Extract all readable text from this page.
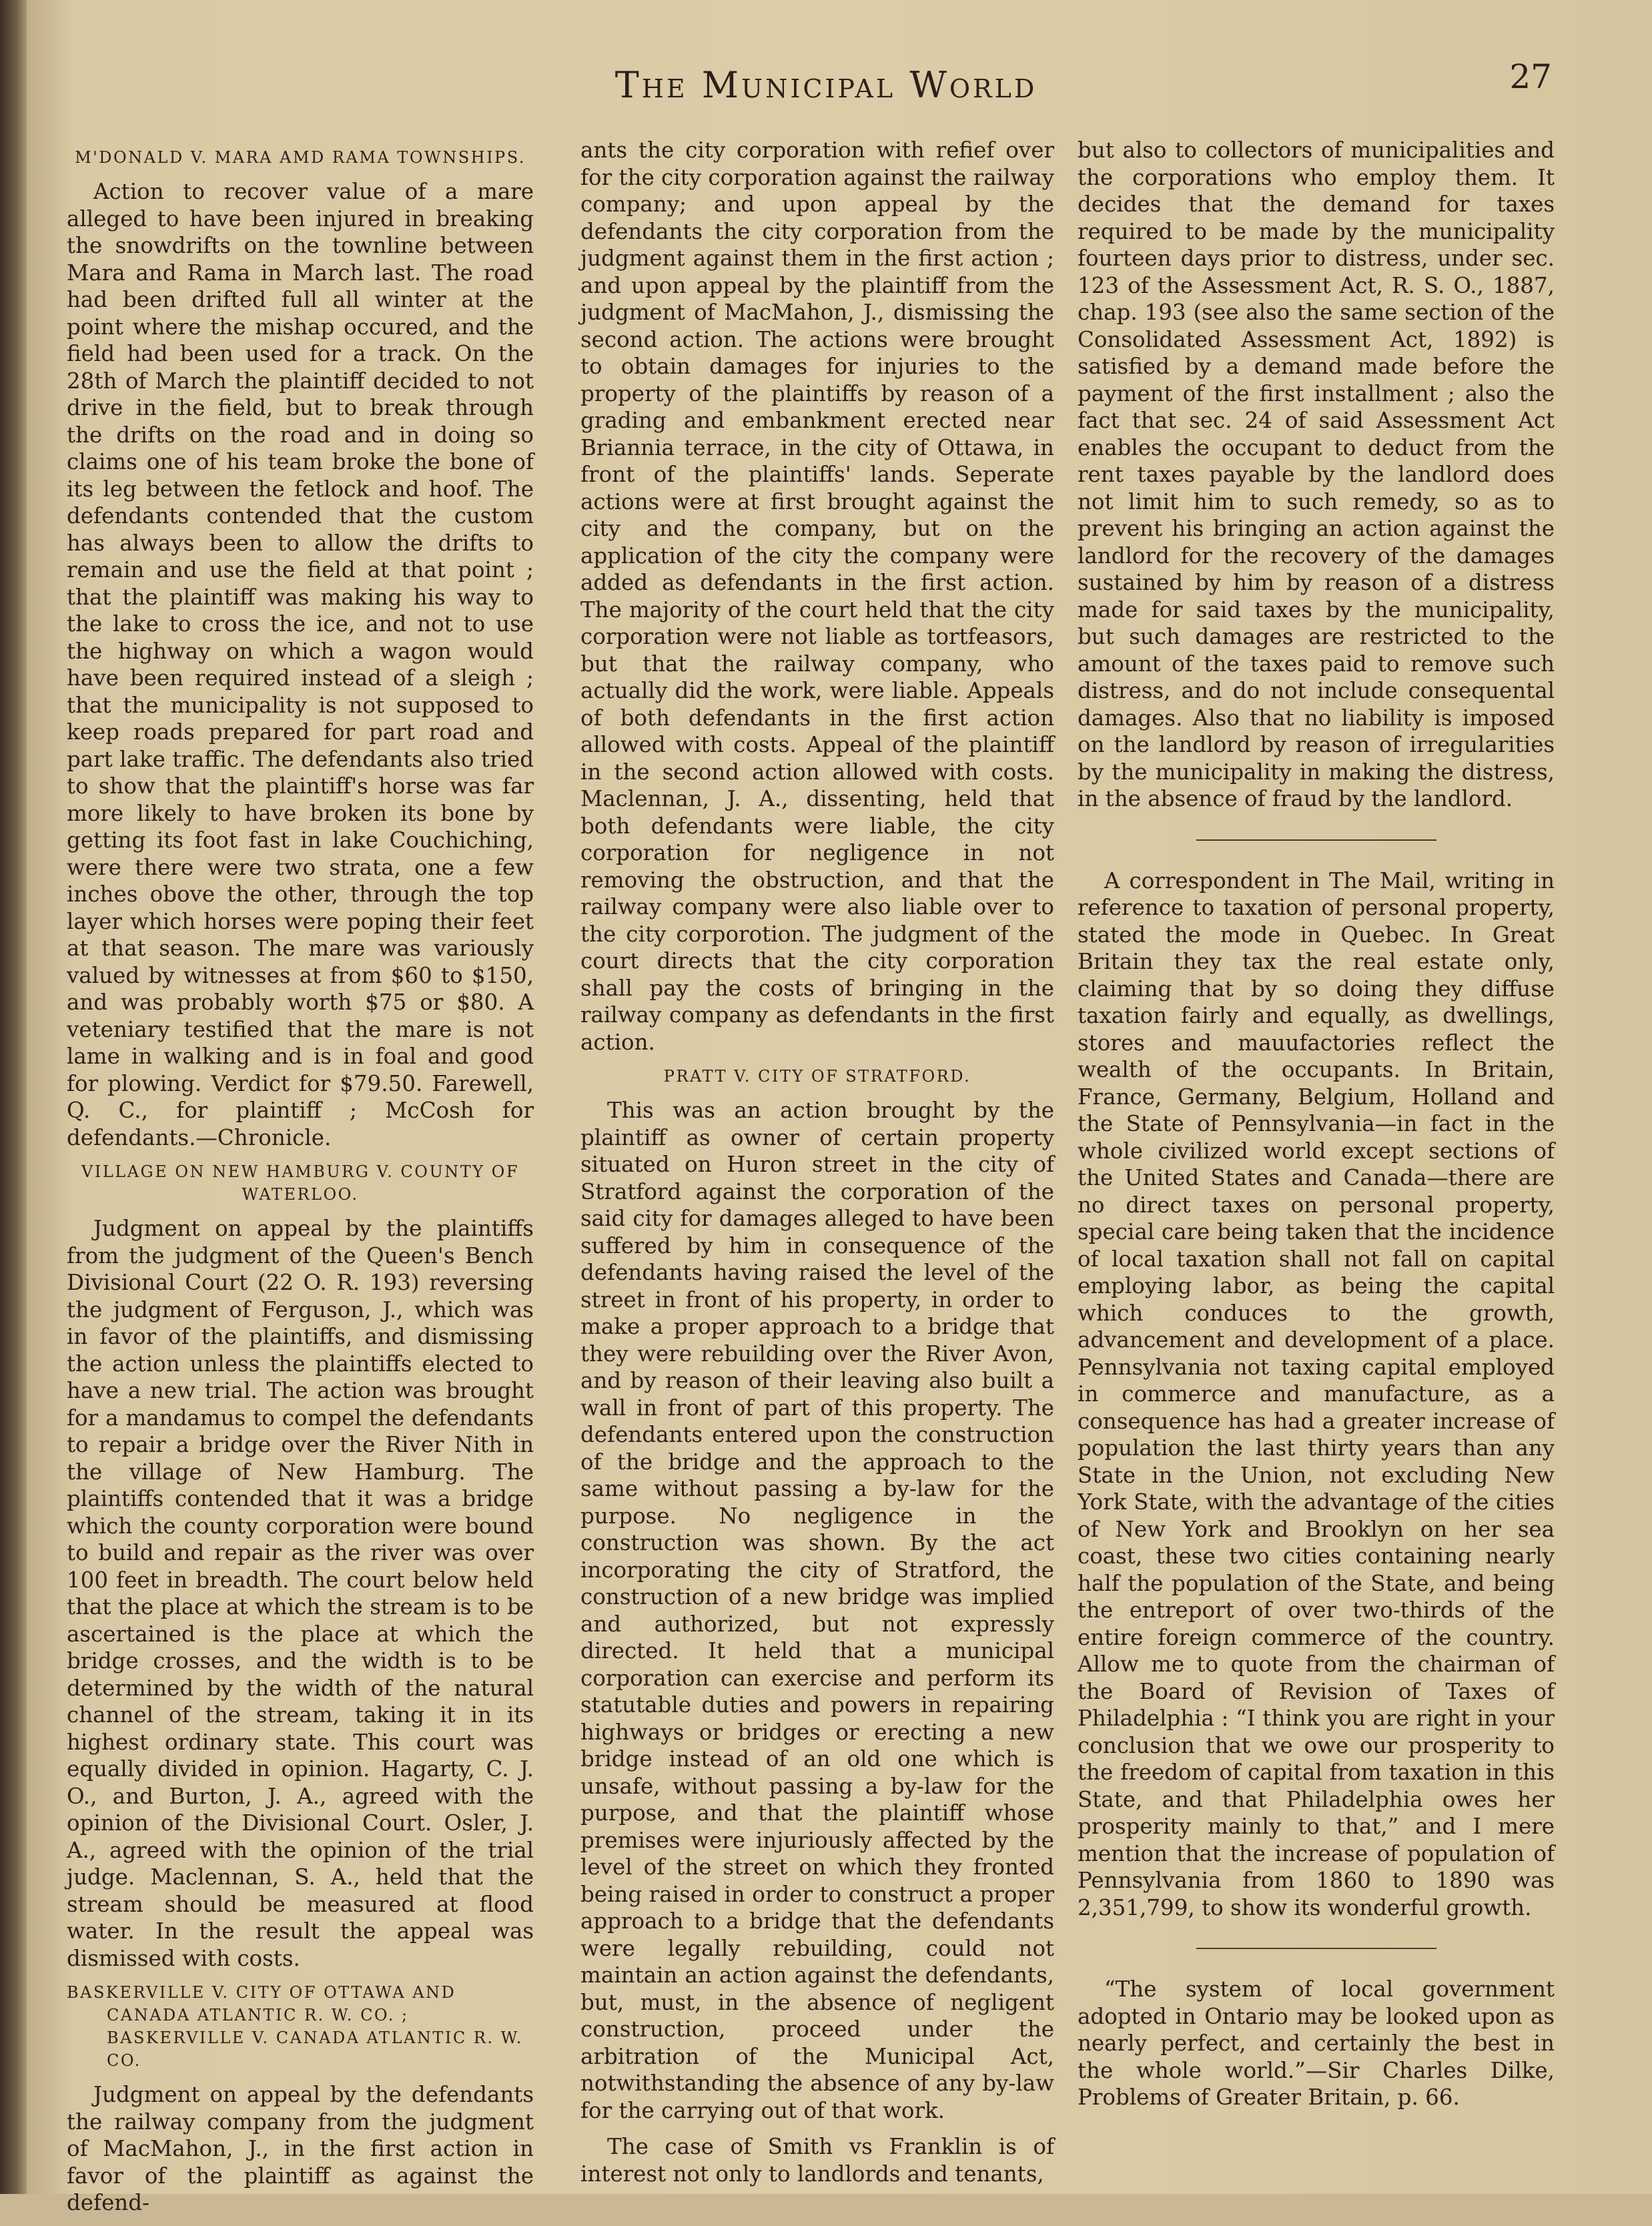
The Municipal World	27
M'DONALD V. MARA AMD RAMA TOWNSHIPS.

Action to recover value of a mare alleged to have been injured in breaking the snowdrifts on the townline between Mara and Rama in March last. The road had been drifted full all winter at the point where the mishap occured, and the field had been used for a track. On the 28th of March the plaintiff decided to not drive in the field, but to break through the drifts on the road and in doing so claims one of his team broke the bone of its leg between the fetlock and hoof. The defendants contended that the custom has always been to allow the drifts to remain and use the field at that point ; that the plaintiff was making his way to the lake to cross the ice, and not to use the highway on which a wagon would have been required instead of a sleigh ; that the municipality is not supposed to keep roads prepared for part road and part lake traffic. The defendants also tried to show that the plaintiff's horse was far more likely to have broken its bone by getting its foot fast in lake Couchiching, were there were two strata, one a few inches obove the other, through the top layer which horses were poping their feet at that season. The mare was variously valued by witnesses at from $60 to $150, and was probably worth $75 or $80. A veteniary testified that the mare is not lame in walking and is in foal and good for plowing. Verdict for $79.50. Farewell, Q. C., for plaintiff ; McCosh for defendants.—Chronicle.

VILLAGE ON NEW HAMBURG V. COUNTY OF WATERLOO.

Judgment on appeal by the plaintiffs from the judgment of the Queen's Bench Divisional Court (22 O. R. 193) reversing the judgment of Ferguson, J., which was in favor of the plaintiffs, and dismissing the action unless the plaintiffs elected to have a new trial. The action was brought for a mandamus to compel the defendants to repair a bridge over the River Nith in the village of New Hamburg. The plaintiffs contended that it was a bridge which the county corporation were bound to build and repair as the river was over 100 feet in breadth. The court below held that the place at which the stream is to be ascertained is the place at which the bridge crosses, and the width is to be determined by the width of the natural channel of the stream, taking it in its highest ordinary state. This court was equally divided in opinion. Hagarty, C. J. O., and Burton, J. A., agreed with the opinion of the Divisional Court. Osler, J. A., agreed with the opinion of the trial judge. Maclennan, S. A., held that the stream should be measured at flood water. In the result the appeal was dismissed with costs.

BASKERVILLE V. CITY OF OTTAWA AND CANADA ATLANTIC R. W. CO. ; BASKERVILLE V. CANADA ATLANTIC R. W. CO.

Judgment on appeal by the defendants the railway company from the judgment of MacMahon, J., in the first action in favor of the plaintiff as against the defend-

ants the city corporation with refief over for the city corporation against the railway company; and upon appeal by the defendants the city corporation from the judgment against them in the first action ; and upon appeal by the plaintiff from the judgment of MacMahon, J., dismissing the second action. The actions were brought to obtain damages for injuries to the property of the plaintiffs by reason of a grading and embankment erected near Briannia terrace, in the city of Ottawa, in front of the plaintiffs' lands. Seperate actions were at first brought against the city and the company, but on the application of the city the company were added as defendants in the first action. The majority of the court held that the city corporation were not liable as tortfeasors, but that the railway company, who actually did the work, were liable. Appeals of both defendants in the first action allowed with costs. Appeal of the plaintiff in the second action allowed with costs. Maclennan, J. A., dissenting, held that both defendants were liable, the city corporation for negligence in not removing the obstruction, and that the railway company were also liable over to the city corporotion. The judgment of the court directs that the city corporation shall pay the costs of bringing in the railway company as defendants in the first action.

PRATT V. CITY OF STRATFORD.

This was an action brought by the plaintiff as owner of certain property situated on Huron street in the city of Stratford against the corporation of the said city for damages alleged to have been suffered by him in consequence of the defendants having raised the level of the street in front of his property, in order to make a proper approach to a bridge that they were rebuilding over the River Avon, and by reason of their leaving also built a wall in front of part of this property. The defendants entered upon the construction of the bridge and the approach to the same without passing a by-law for the purpose. No negligence in the construction was shown. By the act incorporating the city of Stratford, the construction of a new bridge was implied and authorized, but not expressly directed. It held that a municipal corporation can exercise and perform its statutable duties and powers in repairing highways or bridges or erecting a new bridge instead of an old one which is unsafe, without passing a by-law for the purpose, and that the plaintiff whose premises were injuriously affected by the level of the street on which they fronted being raised in order to construct a proper approach to a bridge that the defendants were legally rebuilding, could not maintain an action against the defendants, but, must, in the absence of negligent construction, proceed under the arbitration of the Municipal Act, notwithstanding the absence of any by-law for the carrying out of that work.

The case of Smith vs Franklin is of interest not only to landlords and tenants,

but also to collectors of municipalities and the corporations who employ them. It decides that the demand for taxes required to be made by the municipality fourteen days prior to distress, under sec. 123 of the Assessment Act, R. S. O., 1887, chap. 193 (see also the same section of the Consolidated Assessment Act, 1892) is satisfied by a demand made before the payment of the first installment ; also the fact that sec. 24 of said Assessment Act enables the occupant to deduct from the rent taxes payable by the landlord does not limit him to such remedy, so as to prevent his bringing an action against the landlord for the recovery of the damages sustained by him by reason of a distress made for said taxes by the municipality, but such damages are restricted to the amount of the taxes paid to remove such distress, and do not include consequental damages. Also that no liability is imposed on the landlord by reason of irregularities by the municipality in making the distress, in the absence of fraud by the landlord.

A correspondent in The Mail, writing in reference to taxation of personal property, stated the mode in Quebec. In Great Britain they tax the real estate only, claiming that by so doing they diffuse taxation fairly and equally, as dwellings, stores and mauufactories reflect the wealth of the occupants. In Britain, France, Germany, Belgium, Holland and the State of Pennsylvania—in fact in the whole civilized world except sections of the United States and Canada—there are no direct taxes on personal property, special care being taken that the incidence of local taxation shall not fall on capital employing labor, as being the capital which conduces to the growth, advancement and development of a place. Pennsylvania not taxing capital employed in commerce and manufacture, as a consequence has had a greater increase of population the last thirty years than any State in the Union, not excluding New York State, with the advantage of the cities of New York and Brooklyn on her sea coast, these two cities containing nearly half the population of the State, and being the entreport of over two-thirds of the entire foreign commerce of the country. Allow me to quote from the chairman of the Board of Revision of Taxes of Philadelphia : “I think you are right in your conclusion that we owe our prosperity to the freedom of capital from taxation in this State, and that Philadelphia owes her prosperity mainly to that,” and I mere mention that the increase of population of Pennsylvania from 1860 to 1890 was 2,351,799, to show its wonderful growth.

“The system of local government adopted in Ontario may be looked upon as nearly perfect, and certainly the best in the whole world.”—Sir Charles Dilke, Problems of Greater Britain, p. 66.
